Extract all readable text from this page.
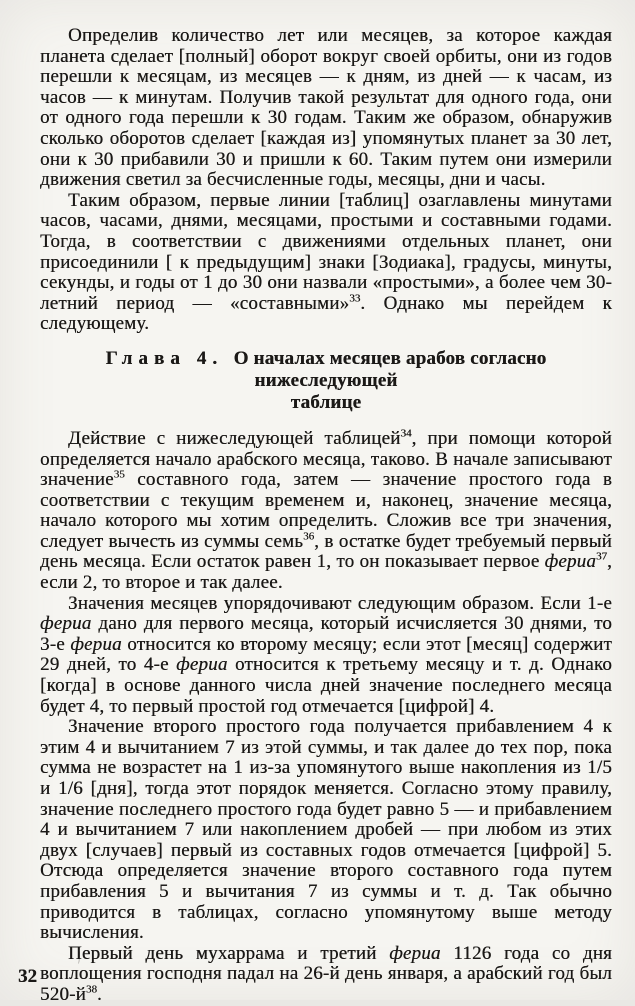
Определив количество лет или месяцев, за которое каждая планета сделает [полный] оборот вокруг своей орбиты, они из годов перешли к месяцам, из месяцев — к дням, из дней — к часам, из часов — к минутам. Получив такой результат для одного года, они от одного года перешли к 30 годам. Таким же образом, обнаружив сколько оборотов сделает [каждая из] упомянутых планет за 30 лет, они к 30 прибавили 30 и пришли к 60. Таким путем они измерили движения светил за бесчисленные годы, месяцы, дни и часы.

Таким образом, первые линии [таблиц] озаглавлены минутами часов, часами, днями, месяцами, простыми и составными годами. Тогда, в соответствии с движениями отдельных планет, они присоединили [ к предыдущим] знаки [Зодиака], градусы, минуты, секунды, и годы от 1 до 30 они назвали «простыми», а более чем 30-летний период — «составными»$^{33}$. Однако мы перейдем к следующему.

Глава 4. О началах месяцев арабов согласно нижеследующей
таблице

Действие с нижеследующей таблицей$^{34}$, при помощи которой определяется начало арабского месяца, таково. В начале записывают значение$^{35}$ составного года, затем — значение простого года в соответствии с текущим временем и, наконец, значение месяца, начало которого мы хотим определить. Сложив все три значения, следует вычесть из суммы семь$^{36}$, в остатке будет требуемый первый день месяца. Если остаток равен 1, то он показывает первое фериа$^{37}$, если 2, то второе и так далее.

Значения месяцев упорядочивают следующим образом. Если 1-е фериа дано для первого месяца, который исчисляется 30 днями, то 3-е фериа относится ко второму месяцу; если этот [месяц] содержит 29 дней, то 4-е фериа относится к третьему месяцу и т. д. Однако [когда] в основе данного числа дней значение последнего месяца будет 4, то первый простой год отмечается [цифрой] 4.

Значение второго простого года получается прибавлением 4 к этим 4 и вычитанием 7 из этой суммы, и так далее до тех пор, пока сумма не возрастет на 1 из-за упомянутого выше накопления из 1/5 и 1/6 [дня], тогда этот порядок меняется. Согласно этому правилу, значение последнего простого года будет равно 5 — и прибавлением 4 и вычитанием 7 или накоплением дробей — при любом из этих двух [случаев] первый из составных годов отмечается [цифрой] 5. Отсюда определяется значение второго составного года путем прибавления 5 и вычитания 7 из суммы и т. д. Так обычно приводится в таблицах, согласно упомянутому выше методу вычисления.

Первый день мухаррама и третий фериа 1126 года со дня воплощения господня падал на 26-й день января, а арабский год был $520-й^{38}$.

32
